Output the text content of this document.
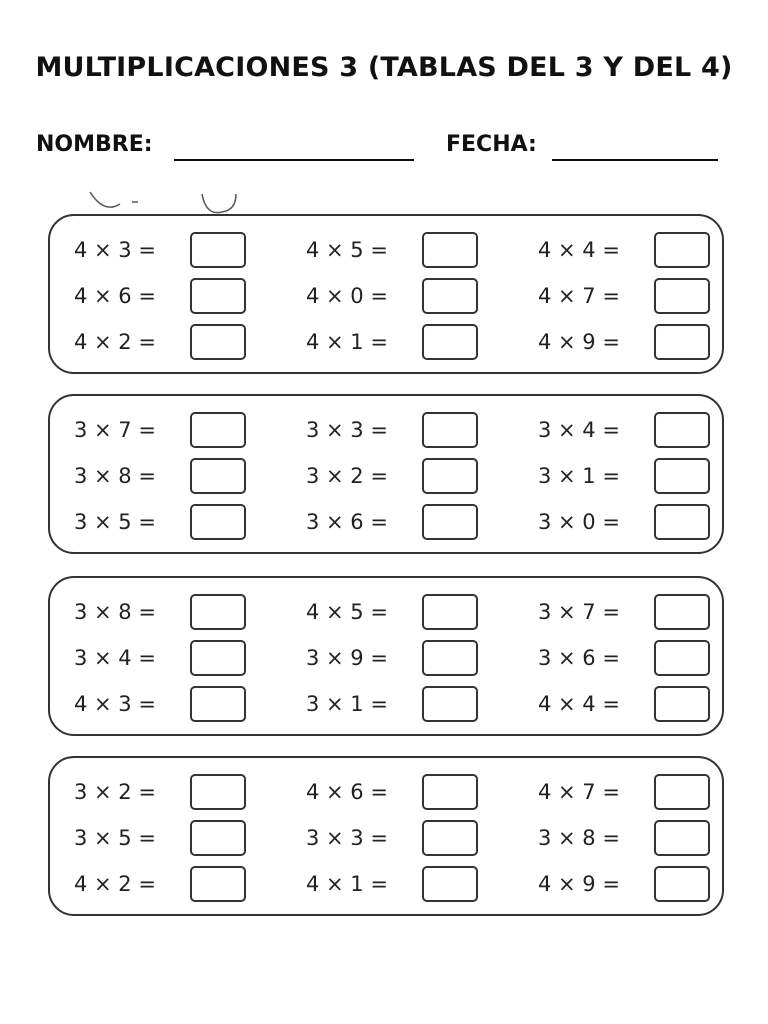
MULTIPLICACIONES 3 (TABLAS DEL 3 Y DEL 4)
NOMBRE:	FECHA:
4 × 3 =	4 × 5 =	4 × 4 =
4 × 6 =	4 × 0 =	4 × 7 =
4 × 2 =	4 × 1 =	4 × 9 =
3 × 7 =	3 × 3 =	3 × 4 =
3 × 8 =	3 × 2 =	3 × 1 =
3 × 5 =	3 × 6 =	3 × 0 =
3 × 8 =	4 × 5 =	3 × 7 =
3 × 4 =	3 × 9 =	3 × 6 =
4 × 3 =	3 × 1 =	4 × 4 =
3 × 2 =	4 × 6 =	4 × 7 =
3 × 5 =	3 × 3 =	3 × 8 =
4 × 2 =	4 × 1 =	4 × 9 =
